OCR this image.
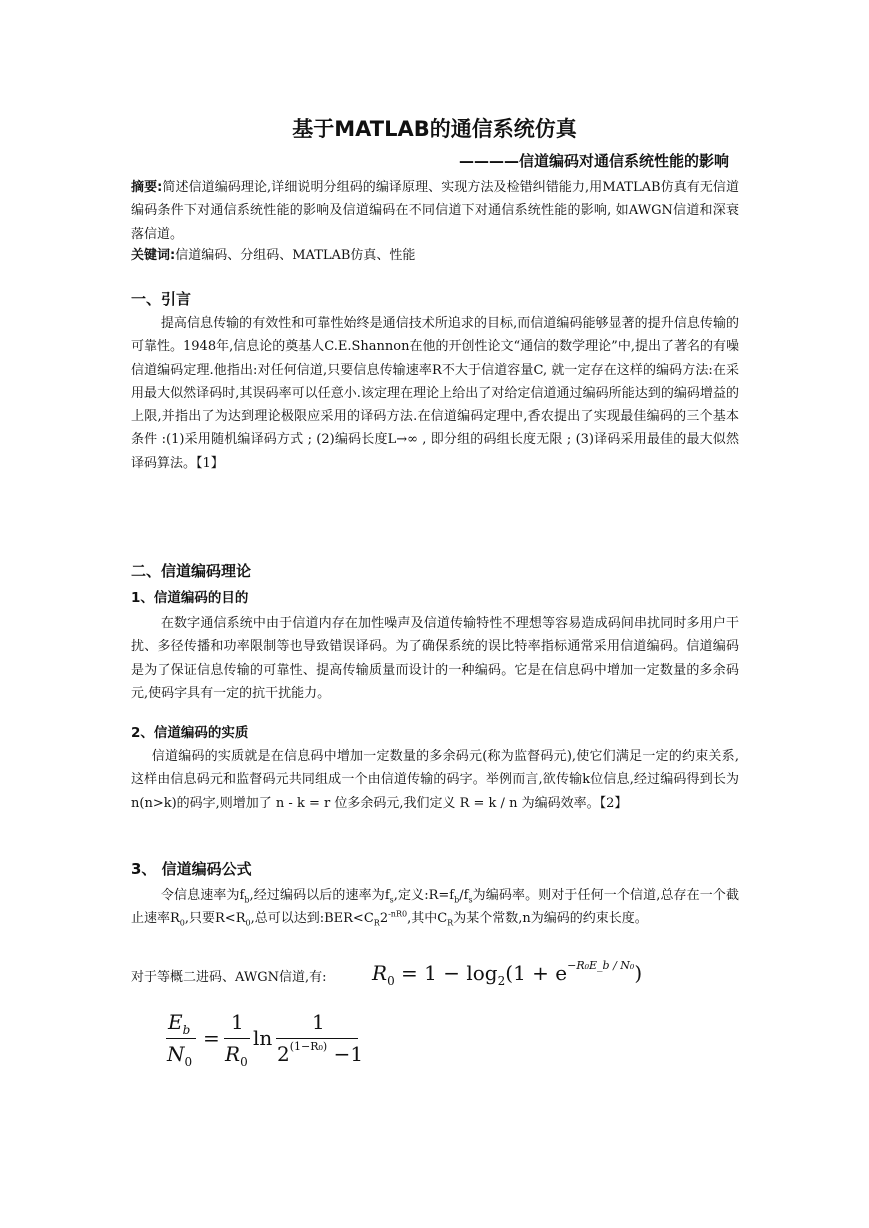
基于MATLAB的通信系统仿真
————信道编码对通信系统性能的影响
摘要:简述信道编码理论,详细说明分组码的编译原理、实现方法及检错纠错能力,用MATLAB仿真有无信道编码条件下对通信系统性能的影响及信道编码在不同信道下对通信系统性能的影响, 如AWGN信道和深衰落信道。
关键词:信道编码、分组码、MATLAB仿真、性能
一、引言
提高信息传输的有效性和可靠性始终是通信技术所追求的目标,而信道编码能够显著的提升信息传输的可靠性。1948年,信息论的奠基人C.E.Shannon在他的开创性论文“通信的数学理论”中,提出了著名的有噪信道编码定理.他指出:对任何信道,只要信息传输速率R不大于信道容量C, 就一定存在这样的编码方法:在采用最大似然译码时,其误码率可以任意小.该定理在理论上给出了对给定信道通过编码所能达到的编码增益的上限,并指出了为达到理论极限应采用的译码方法.在信道编码定理中,香农提出了实现最佳编码的三个基本条件 :(1)采用随机编译码方式 ; (2)编码长度L→∞ , 即分组的码组长度无限 ; (3)译码采用最佳的最大似然译码算法。【1】
二、信道编码理论
1、信道编码的目的
在数字通信系统中由于信道内存在加性噪声及信道传输特性不理想等容易造成码间串扰同时多用户干扰、多径传播和功率限制等也导致错误译码。为了确保系统的误比特率指标通常采用信道编码。信道编码是为了保证信息传输的可靠性、提高传输质量而设计的一种编码。它是在信息码中增加一定数量的多余码元,使码字具有一定的抗干扰能力。
2、信道编码的实质
信道编码的实质就是在信息码中增加一定数量的多余码元(称为监督码元),使它们满足一定的约束关系,这样由信息码元和监督码元共同组成一个由信道传输的码字。举例而言,欲传输k位信息,经过编码得到长为n(n>k)的码字,则增加了 n - k = r 位多余码元,我们定义 R = k / n 为编码效率。【2】
3、 信道编码公式
令信息速率为$f_b$,经过编码以后的速率为$f_s$,定义$:R=f_b/f_s$为编码率。则对于任何一个信道,总存在一个截止速率$R_0$,只要$R<R_0$,总可以达到$:BER<C_R2^{-nR0}$,其中$C_R$为某个常数,n为编码的约束长度。
对于等概二进码、AWGN信道,有:	$R_0 = 1 - \log_2(1 + e^{-R_0E\_b / N_0})$
$E_b$
$N_0$
=
1
$R_0$
ln
1
$2^{(1-R_0)} -1$
